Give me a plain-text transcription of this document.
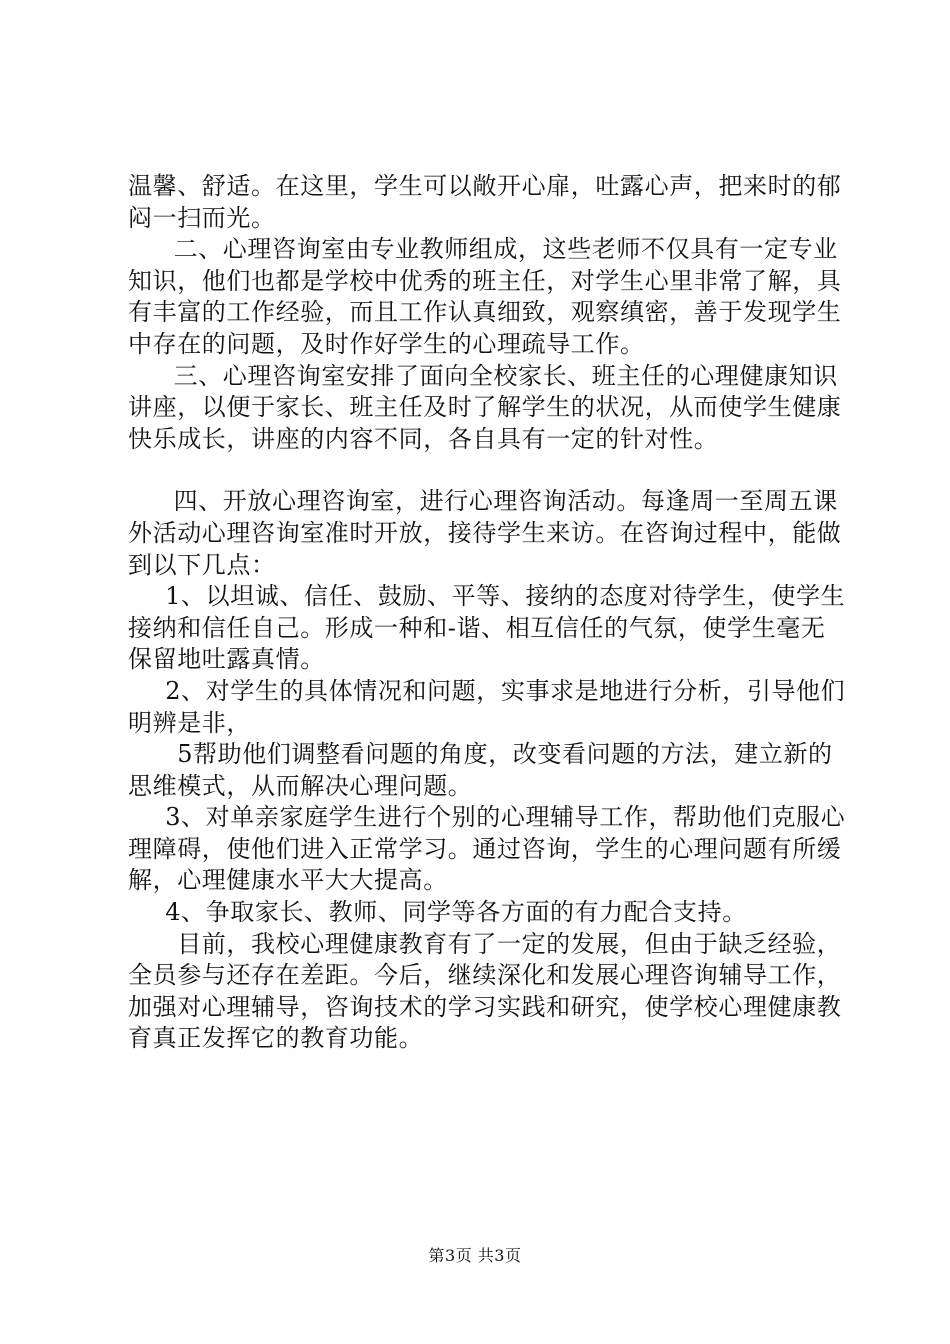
温馨、舒适。在这里，学生可以敞开心扉，吐露心声，把来时的郁闷一扫而光。

二、心理咨询室由专业教师组成，这些老师不仅具有一定专业知识，他们也都是学校中优秀的班主任，对学生心里非常了解，具有丰富的工作经验，而且工作认真细致，观察缜密，善于发现学生中存在的问题，及时作好学生的心理疏导工作。

三、心理咨询室安排了面向全校家长、班主任的心理健康知识讲座，以便于家长、班主任及时了解学生的状况，从而使学生健康快乐成长，讲座的内容不同，各自具有一定的针对性。

四、开放心理咨询室，进行心理咨询活动。每逢周一至周五课外活动心理咨询室准时开放，接待学生来访。在咨询过程中，能做到以下几点：

1、以坦诚、信任、鼓励、平等、接纳的态度对待学生，使学生接纳和信任自己。形成一种和-谐、相互信任的气氛，使学生毫无保留地吐露真情。

2、对学生的具体情况和问题，实事求是地进行分析，引导他们明辨是非，

5帮助他们调整看问题的角度，改变看问题的方法，建立新的思维模式，从而解决心理问题。

3、对单亲家庭学生进行个别的心理辅导工作，帮助他们克服心理障碍，使他们进入正常学习。通过咨询，学生的心理问题有所缓解，心理健康水平大大提高。

4、争取家长、教师、同学等各方面的有力配合支持。

目前，我校心理健康教育有了一定的发展，但由于缺乏经验，全员参与还存在差距。今后，继续深化和发展心理咨询辅导工作，加强对心理辅导，咨询技术的学习实践和研究，使学校心理健康教育真正发挥它的教育功能。

第3页 共3页
